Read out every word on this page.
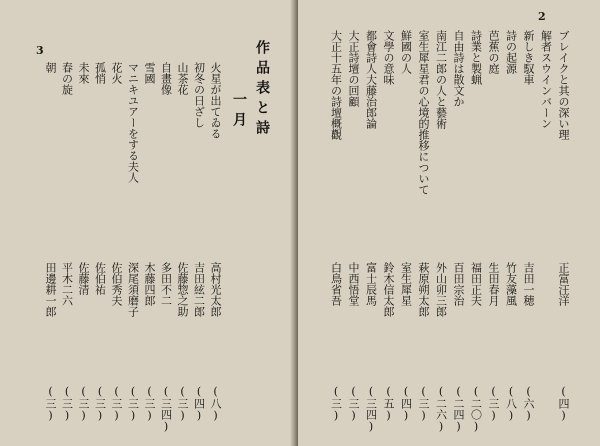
3	作品表と詩
一月
火星が出てゐる
高村光太郎
(八)
初冬の日ざし
吉田絃二郎
(四)
山茶花
佐藤惣之助
(三)
自畫像
多田不二
(三四)
雪國
木藤四郎
(三)
マニキユアーをする夫人
深尾須磨子
(三)
花火
佐伯秀夫
(三)
孤悄
佐伯祐
(三)
未來
佐藤清
(三)
春の旋
平木二六
(三)
朝
田邊耕一郎
(三)
2
ブレイクと其の深い理
正富汪洋
(四)
解者スウインバーン
新しき馭車
吉田一穂
(六)
詩の起源
竹友藻風
(八)
芭蕉の庭
生田春月
(三)
詩業と製蝋
福田正夫
(二〇)
自由詩は散文か
百田宗治
(二四)
南江二郎の人と藝術
外山卯三郎
(二六)
室生犀星君の心境的推移について
萩原朔太郎
(三)
鮮國の人
室生犀星
(四)
文學の意味
鈴木信太郎
(五)
都會詩人大藤治郎論
富士辰馬
(三四)
大正詩壇の回顧
中西悟堂
(三)
大正十五年の詩壇概觀
白鳥省吾
(三)
